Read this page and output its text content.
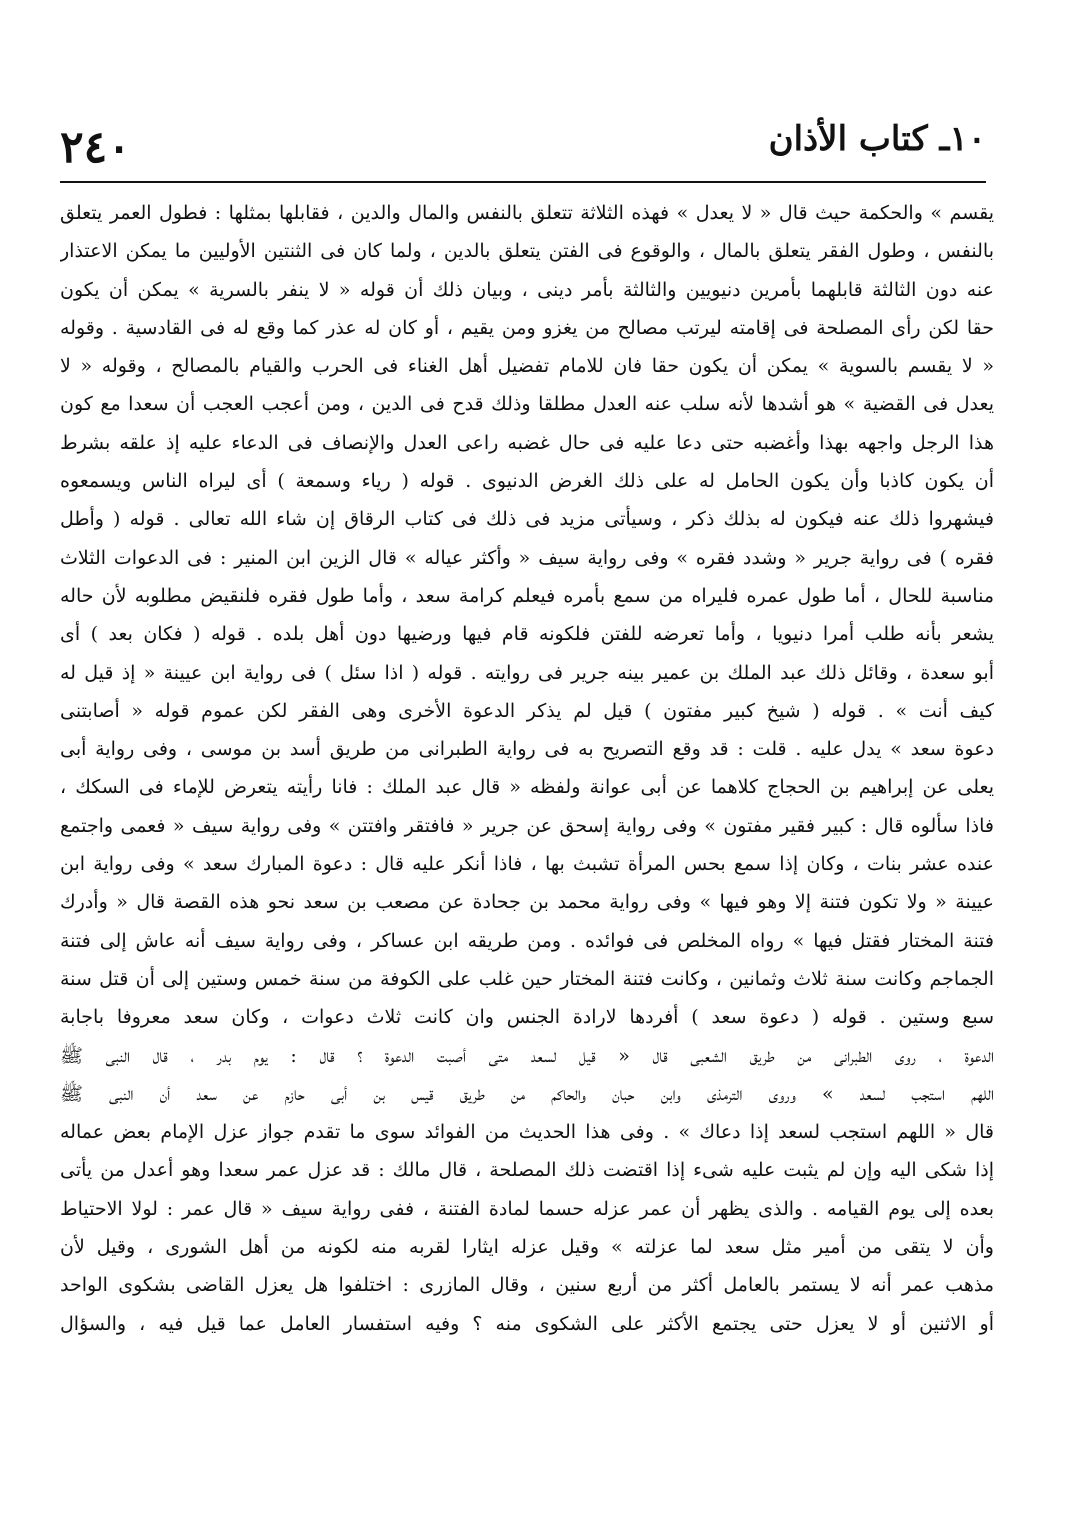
٢٤٠	١٠ـ كتاب الأذان
يقسم » والحكمة حيث قال « لا يعدل » فهذه الثلاثة تتعلق بالنفس والمال والدين ، فقابلها بمثلها : فطول العمر يتعلق
بالنفس ، وطول الفقر يتعلق بالمال ، والوقوع فى الفتن يتعلق بالدين ، ولما كان فى الثنتين الأوليين ما يمكن الاعتذار
عنه دون الثالثة قابلهما بأمرين دنيويين والثالثة بأمر دينى ، وبيان ذلك أن قوله « لا ينفر بالسرية » يمكن أن يكون
حقا لكن رأى المصلحة فى إقامته ليرتب مصالح من يغزو ومن يقيم ، أو كان له عذر كما وقع له فى القادسية . وقوله
« لا يقسم بالسوية » يمكن أن يكون حقا فان للامام تفضيل أهل الغناء فى الحرب والقيام بالمصالح ، وقوله « لا
يعدل فى القضية » هو أشدها لأنه سلب عنه العدل مطلقا وذلك قدح فى الدين ، ومن أعجب العجب أن سعدا مع كون
هذا الرجل واجهه بهذا وأغضبه حتى دعا عليه فى حال غضبه راعى العدل والإنصاف فى الدعاء عليه إذ علقه بشرط
أن يكون كاذبا وأن يكون الحامل له على ذلك الغرض الدنيوى . قوله ( رياء وسمعة ) أى ليراه الناس ويسمعوه
فيشهروا ذلك عنه فيكون له بذلك ذكر ، وسيأتى مزيد فى ذلك فى كتاب الرقاق إن شاء الله تعالى . قوله ( وأطل
فقره ) فى رواية جرير « وشدد فقره » وفى رواية سيف « وأكثر عياله » قال الزين ابن المنير : فى الدعوات الثلاث
مناسبة للحال ، أما طول عمره فليراه من سمع بأمره فيعلم كرامة سعد ، وأما طول فقره فلنقيض مطلوبه لأن حاله
يشعر بأنه طلب أمرا دنيويا ، وأما تعرضه للفتن فلكونه قام فيها ورضيها دون أهل بلده . قوله ( فكان بعد ) أى
أبو سعدة ، وقائل ذلك عبد الملك بن عمير بينه جرير فى روايته . قوله ( اذا سئل ) فى رواية ابن عيينة « إذ قيل له
كيف أنت » . قوله ( شيخ كبير مفتون ) قيل لم يذكر الدعوة الأخرى وهى الفقر لكن عموم قوله « أصابتنى
دعوة سعد » يدل عليه . قلت : قد وقع التصريح به فى رواية الطبرانى من طريق أسد بن موسى ، وفى رواية أبى
يعلى عن إبراهيم بن الحجاج كلاهما عن أبى عوانة ولفظه « قال عبد الملك : فانا رأيته يتعرض للإماء فى السكك ،
فاذا سألوه قال : كبير فقير مفتون » وفى رواية إسحق عن جرير « فافتقر وافتتن » وفى رواية سيف « فعمى واجتمع
عنده عشر بنات ، وكان إذا سمع بحس المرأة تشبث بها ، فاذا أنكر عليه قال : دعوة المبارك سعد » وفى رواية ابن
عيينة « ولا تكون فتنة إلا وهو فيها » وفى رواية محمد بن جحادة عن مصعب بن سعد نحو هذه القصة قال « وأدرك
فتنة المختار فقتل فيها » رواه المخلص فى فوائده . ومن طريقه ابن عساكر ، وفى رواية سيف أنه عاش إلى فتنة
الجماجم وكانت سنة ثلاث وثمانين ، وكانت فتنة المختار حين غلب على الكوفة من سنة خمس وستين إلى أن قتل سنة
سبع وستين . قوله ( دعوة سعد ) أفردها لارادة الجنس وان كانت ثلاث دعوات ، وكان سعد معروفا باجابة
الدعوة ، روى الطبرانى من طريق الشعبى قال « قيل لسعد متى أصبت الدعوة ؟ قال : يوم بدر ، قال النبى ﷺ
اللهم استجب لسعد » وروى الترمذى وابن حبان والحاكم من طريق قيس بن أبى حازم عن سعد أن النبى ﷺ
قال « اللهم استجب لسعد إذا دعاك » . وفى هذا الحديث من الفوائد سوى ما تقدم جواز عزل الإمام بعض عماله
إذا شكى اليه وإن لم يثبت عليه شىء إذا اقتضت ذلك المصلحة ، قال مالك : قد عزل عمر سعدا وهو أعدل من يأتى
بعده إلى يوم القيامه . والذى يظهر أن عمر عزله حسما لمادة الفتنة ، ففى رواية سيف « قال عمر : لولا الاحتياط
وأن لا يتقى من أمير مثل سعد لما عزلته » وقيل عزله ايثارا لقربه منه لكونه من أهل الشورى ، وقيل لأن
مذهب عمر أنه لا يستمر بالعامل أكثر من أربع سنين ، وقال المازرى : اختلفوا هل يعزل القاضى بشكوى الواحد
أو الاثنين أو لا يعزل حتى يجتمع الأكثر على الشكوى منه ؟ وفيه استفسار العامل عما قيل فيه ، والسؤال
